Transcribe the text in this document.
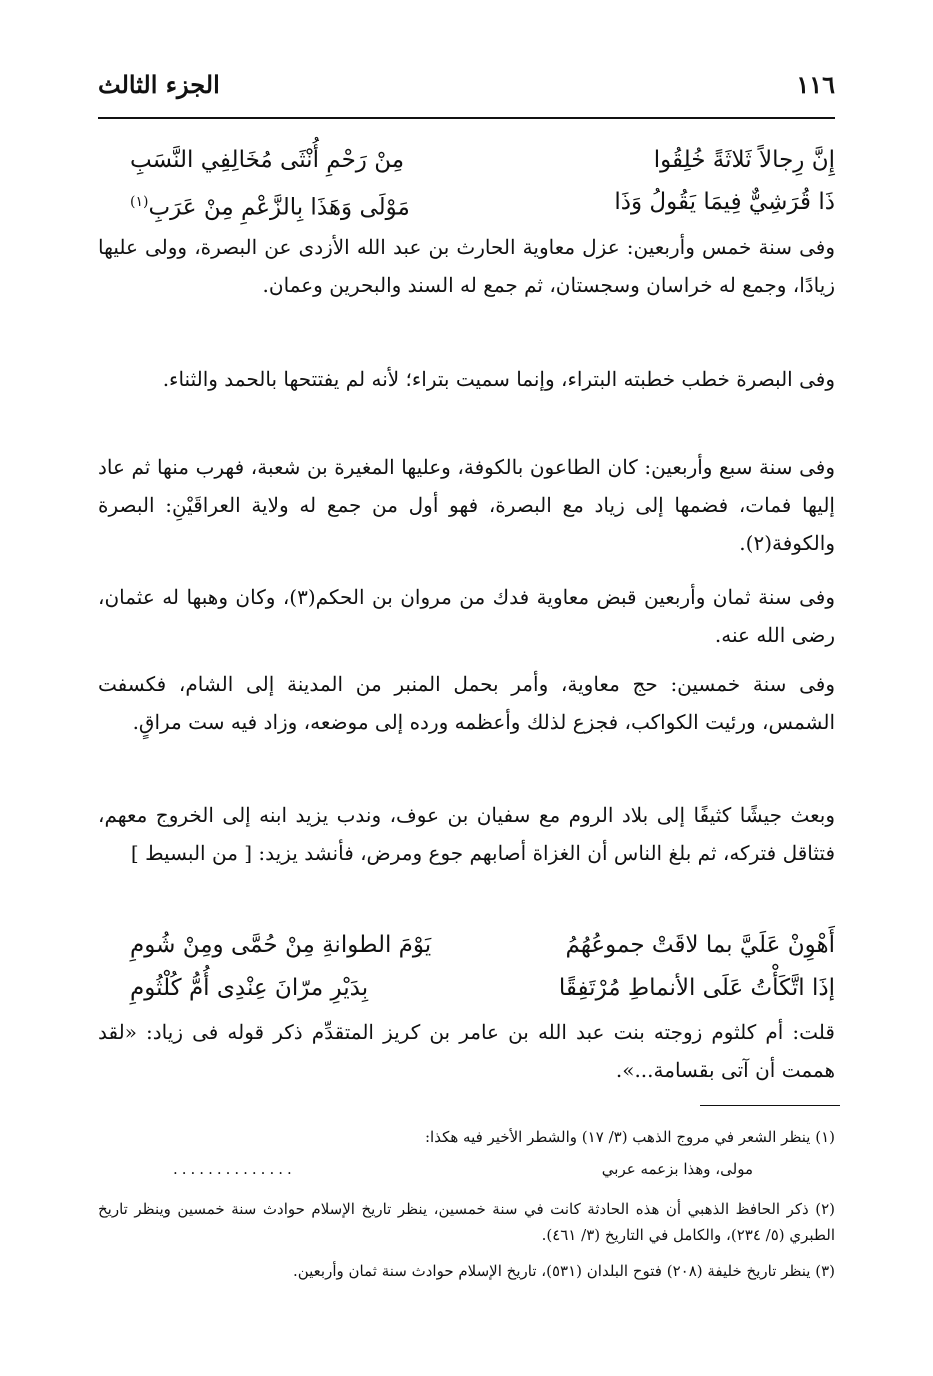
١١٦
الجزء الثالث
إِنَّ رِجالاً ثَلاثَةً خُلِقُوا
مِنْ رَحْمِ أُنْثَى مُخَالِفِي النَّسَبِ
ذَا قُرَشِيٌّ فِيمَا يَقُولُ وَذَا
مَوْلَى وَهَذَا بِالزَّعْمِ مِنْ عَرَبِ$^{(١)}$
وفى سنة خمس وأربعين: عزل معاوية الحارث بن عبد الله الأزدى عن البصرة، وولى عليها زيادًا، وجمع له خراسان وسجستان، ثم جمع له السند والبحرين وعمان.
وفى البصرة خطب خطبته البتراء، وإنما سميت بتراء؛ لأنه لم يفتتحها بالحمد والثناء.
وفى سنة سبع وأربعين: كان الطاعون بالكوفة، وعليها المغيرة بن شعبة، فهرب منها ثم عاد إليها فمات، فضمها إلى زياد مع البصرة، فهو أول من جمع له ولاية العراقَيْنِ: البصرة والكوفة(٢).
وفى سنة ثمان وأربعين قبض معاوية فدك من مروان بن الحكم(٣)، وكان وهبها له عثمان، رضى الله عنه.
وفى سنة خمسين: حج معاوية، وأمر بحمل المنبر من المدينة إلى الشام، فكسفت الشمس، ورئيت الكواكب، فجزع لذلك وأعظمه ورده إلى موضعه، وزاد فيه ست مراقٍ.
وبعث جيشًا كثيفًا إلى بلاد الروم مع سفيان بن عوف، وندب يزيد ابنه إلى الخروج معهم، فتثاقل فتركه، ثم بلغ الناس أن الغزاة أصابهم جوع ومرض، فأنشد يزيد: [ من البسيط ]
أَهْوِنْ عَلَيَّ بما لاقَتْ جموعُهُمُ
يَوْمَ الطوانةِ مِنْ حُمَّى ومِنْ شُومِ
إذَا اتَّكَأْتُ عَلَى الأنماطِ مُرْتَفِقًا
بِدَيْرِ مرّانَ عِنْدِى أُمُّ كُلْثُومِ
قلت: أم كلثوم زوجته بنت عبد الله بن عامر بن كريز المتقدِّم ذكر قوله فى زياد: «لقد هممت أن آتى بقسامة...».
(١) ينظر الشعر في مروج الذهب (٣/ ١٧) والشطر الأخير فيه هكذا:
مولى، وهذا بزعمه عربي
..............
(٢) ذكر الحافظ الذهبي أن هذه الحادثة كانت في سنة خمسين، ينظر تاريخ الإسلام حوادث سنة خمسين وينظر تاريخ الطبري (٥/ ٢٣٤)، والكامل في التاريخ (٣/ ٤٦١).
(٣) ينظر تاريخ خليفة (٢٠٨) فتوح البلدان (٥٣١)، تاريخ الإسلام حوادث سنة ثمان وأربعين.
